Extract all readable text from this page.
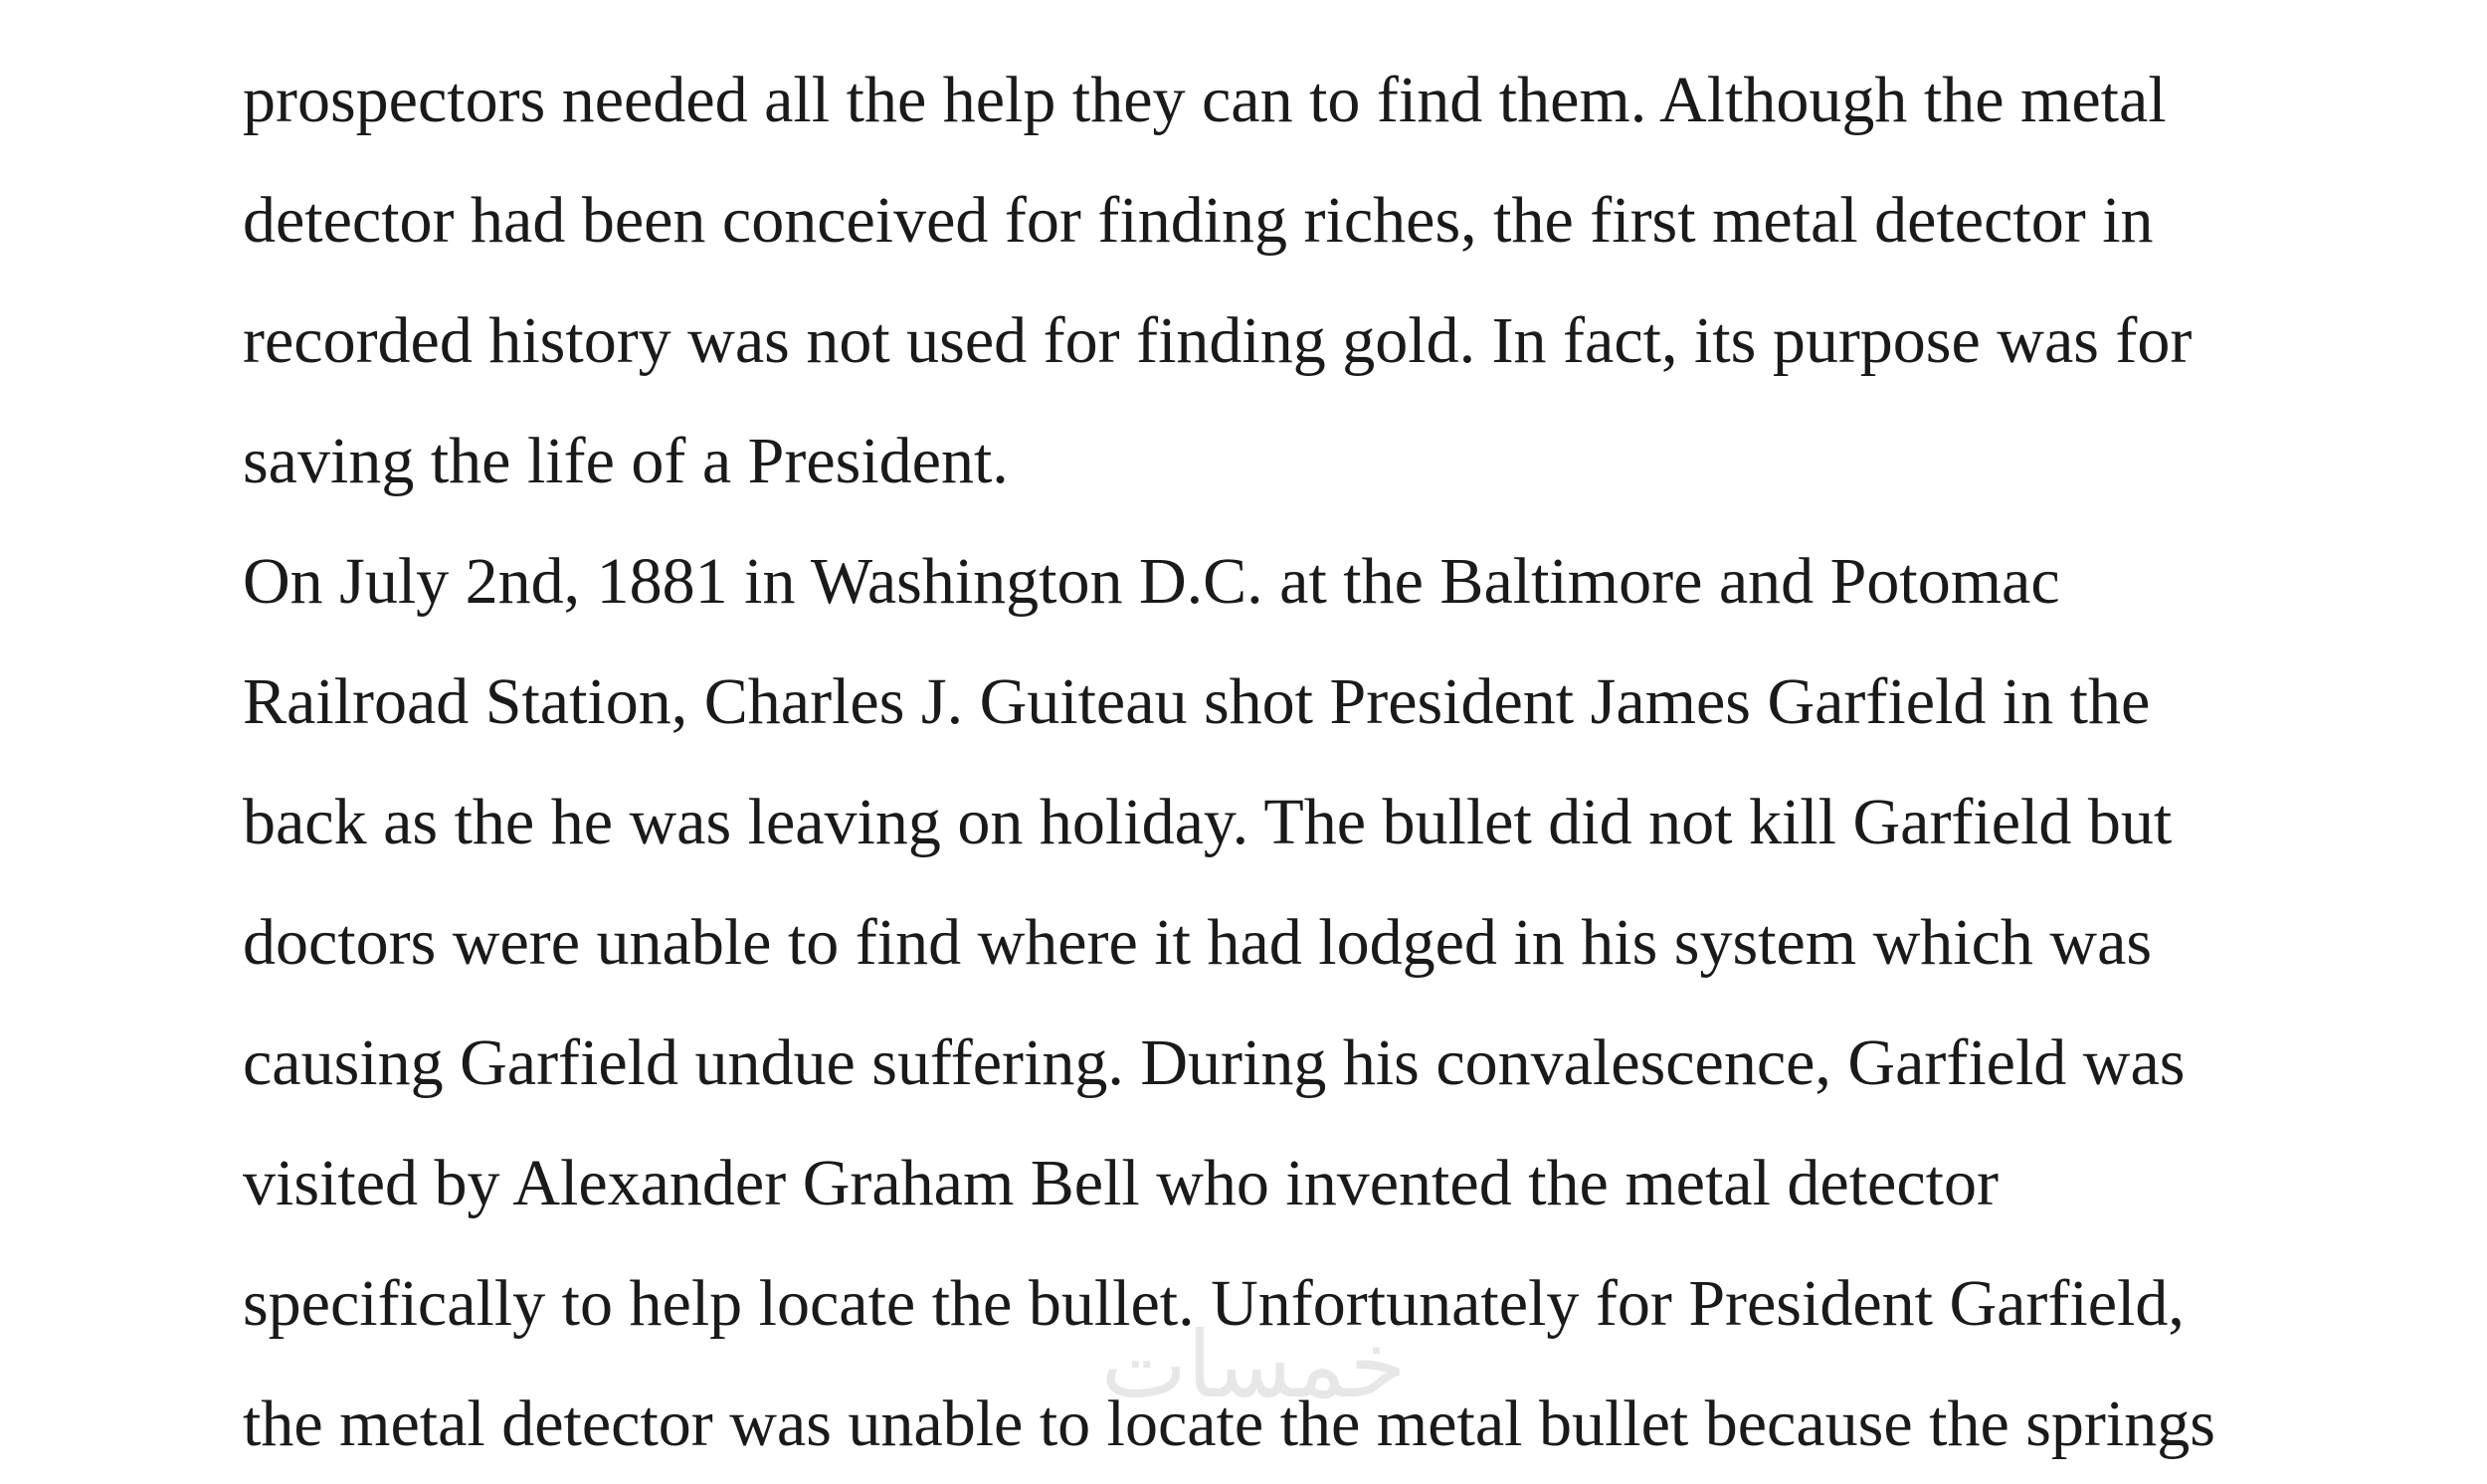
prospectors needed all the help they can to find them. Although the metal
detector had been conceived for finding riches, the first metal detector in
recorded history was not used for finding gold. In fact, its purpose was for
saving the life of a President.
On July 2nd, 1881 in Washington D.C. at the Baltimore and Potomac
Railroad Station, Charles J. Guiteau shot President James Garfield in the
back as the he was leaving on holiday. The bullet did not kill Garfield but
doctors were unable to find where it had lodged in his system which was
causing Garfield undue suffering. During his convalescence, Garfield was
visited by Alexander Graham Bell who invented the metal detector
specifically to help locate the bullet. Unfortunately for President Garfield,
the metal detector was unable to locate the metal bullet because the springs
خمسات
